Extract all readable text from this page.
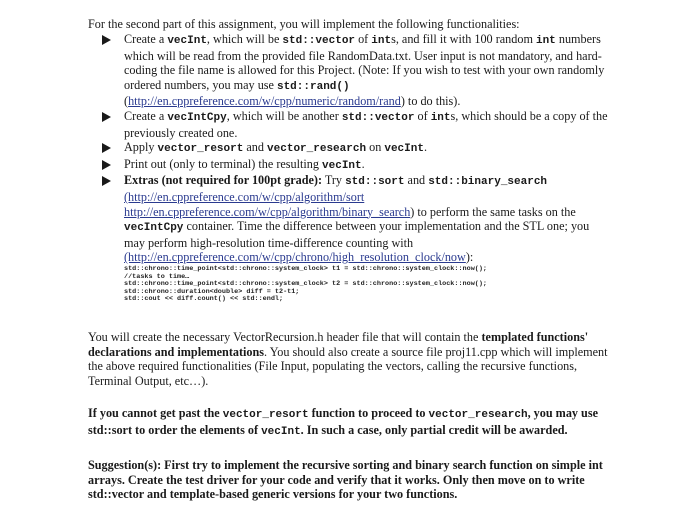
For the second part of this assignment, you will implement the following functionalities:
Create a vecInt, which will be std::vector of ints, and fill it with 100 random int numbers which will be read from the provided file RandomData.txt. User input is not mandatory, and hard-coding the file name is allowed for this Project. (Note: If you wish to test with your own randomly ordered numbers, you may use std::rand() (http://en.cppreference.com/w/cpp/numeric/random/rand) to do this).
Create a vecIntCpy, which will be another std::vector of ints, which should be a copy of the previously created one.
Apply vector_resort and vector_research on vecInt.
Print out (only to terminal) the resulting vecInt.
Extras (not required for 100pt grade): Try std::sort and std::binary_search
(http://en.cppreference.com/w/cpp/algorithm/sort
http://en.cppreference.com/w/cpp/algorithm/binary_search) to perform the same tasks on the vecIntCpy container. Time the difference between your implementation and the STL one; you may perform high-resolution time-difference counting with (http://en.cppreference.com/w/cpp/chrono/high_resolution_clock/now):
std::chrono::time_point<std::chrono::system_clock> t1 = std::chrono::system_clock::now();
//tasks to time…
std::chrono::time_point<std::chrono::system_clock> t2 = std::chrono::system_clock::now();
std::chrono::duration<double> diff = t2-t1;
std::cout << diff.count() << std::endl;
You will create the necessary VectorRecursion.h header file that will contain the templated functions' declarations and implementations. You should also create a source file proj11.cpp which will implement the above required functionalities (File Input, populating the vectors, calling the recursive functions, Terminal Output, etc…).
If you cannot get past the vector_resort function to proceed to vector_research, you may use std::sort to order the elements of vecInt. In such a case, only partial credit will be awarded.
Suggestion(s): First try to implement the recursive sorting and binary search function on simple int arrays. Create the test driver for your code and verify that it works. Only then move on to write std::vector and template-based generic versions for your two functions.
